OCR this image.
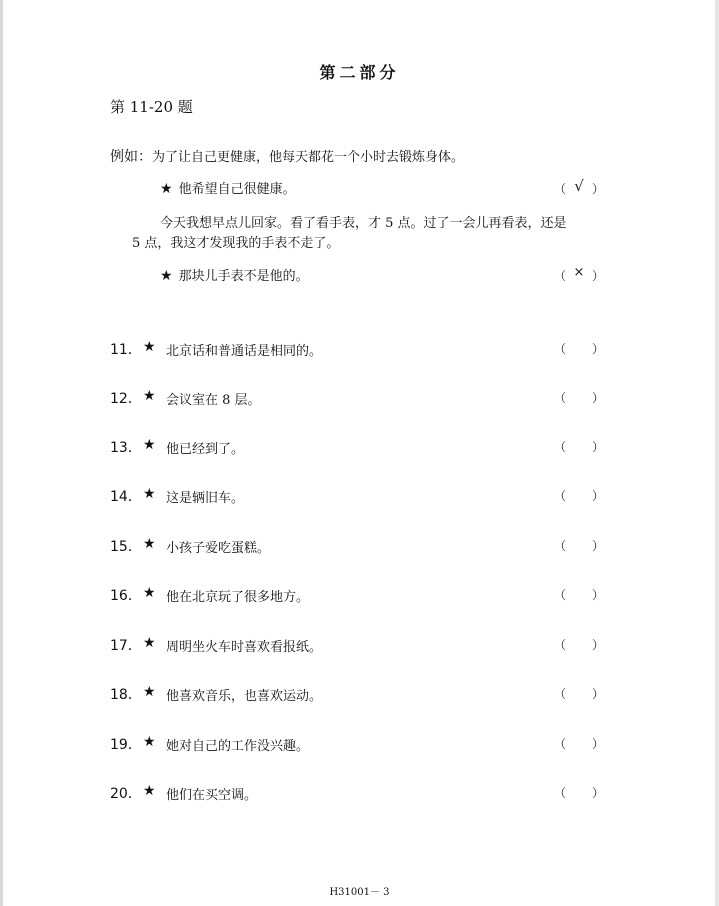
第二部分
第 11-20 题
例如：为了让自己更健康，他每天都花一个小时去锻炼身体。
★ 他希望自己很健康。	（ √ ）

今天我想早点儿回家。看了看手表，才 5 点。过了一会儿再看表，还是

5 点，我这才发现我的手表不走了。

★ 那块儿手表不是他的。	（ × ）
11． ★ 北京话和普通话是相同的。	（ ）
12． ★ 会议室在 8 层。	（ ）
13． ★ 他已经到了。	（ ）
14． ★ 这是辆旧车。	（ ）
15． ★ 小孩子爱吃蛋糕。	（ ）
16． ★ 他在北京玩了很多地方。	（ ）
17． ★ 周明坐火车时喜欢看报纸。	（ ）
18． ★ 他喜欢音乐，也喜欢运动。	（ ）
19． ★ 她对自己的工作没兴趣。	（ ）
20． ★ 他们在买空调。	（ ）
H31001－ 3
